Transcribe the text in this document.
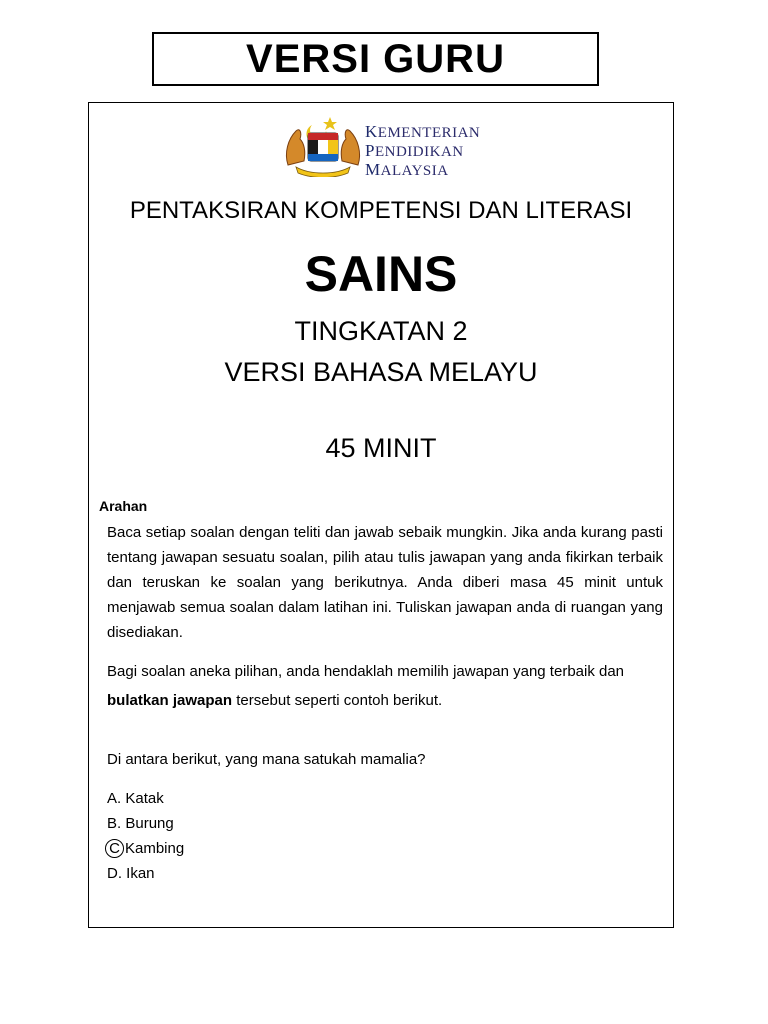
VERSI GURU
KEMENTERIAN
PENDIDIKAN
MALAYSIA
PENTAKSIRAN KOMPETENSI DAN LITERASI
SAINS
TINGKATAN 2
VERSI BAHASA MELAYU
45 MINIT
Arahan
Baca setiap soalan dengan teliti dan jawab sebaik mungkin. Jika anda kurang pasti tentang jawapan sesuatu soalan, pilih atau tulis jawapan yang anda fikirkan terbaik dan teruskan ke soalan yang berikutnya. Anda diberi masa 45 minit untuk menjawab semua soalan dalam latihan ini. Tuliskan jawapan anda di ruangan yang disediakan.
Bagi soalan aneka pilihan, anda hendaklah memilih jawapan yang terbaik dan
bulatkan jawapan tersebut seperti contoh berikut.
Di antara berikut, yang mana satukah mamalia?
A. Katak
B. Burung
C Kambing
D. Ikan
